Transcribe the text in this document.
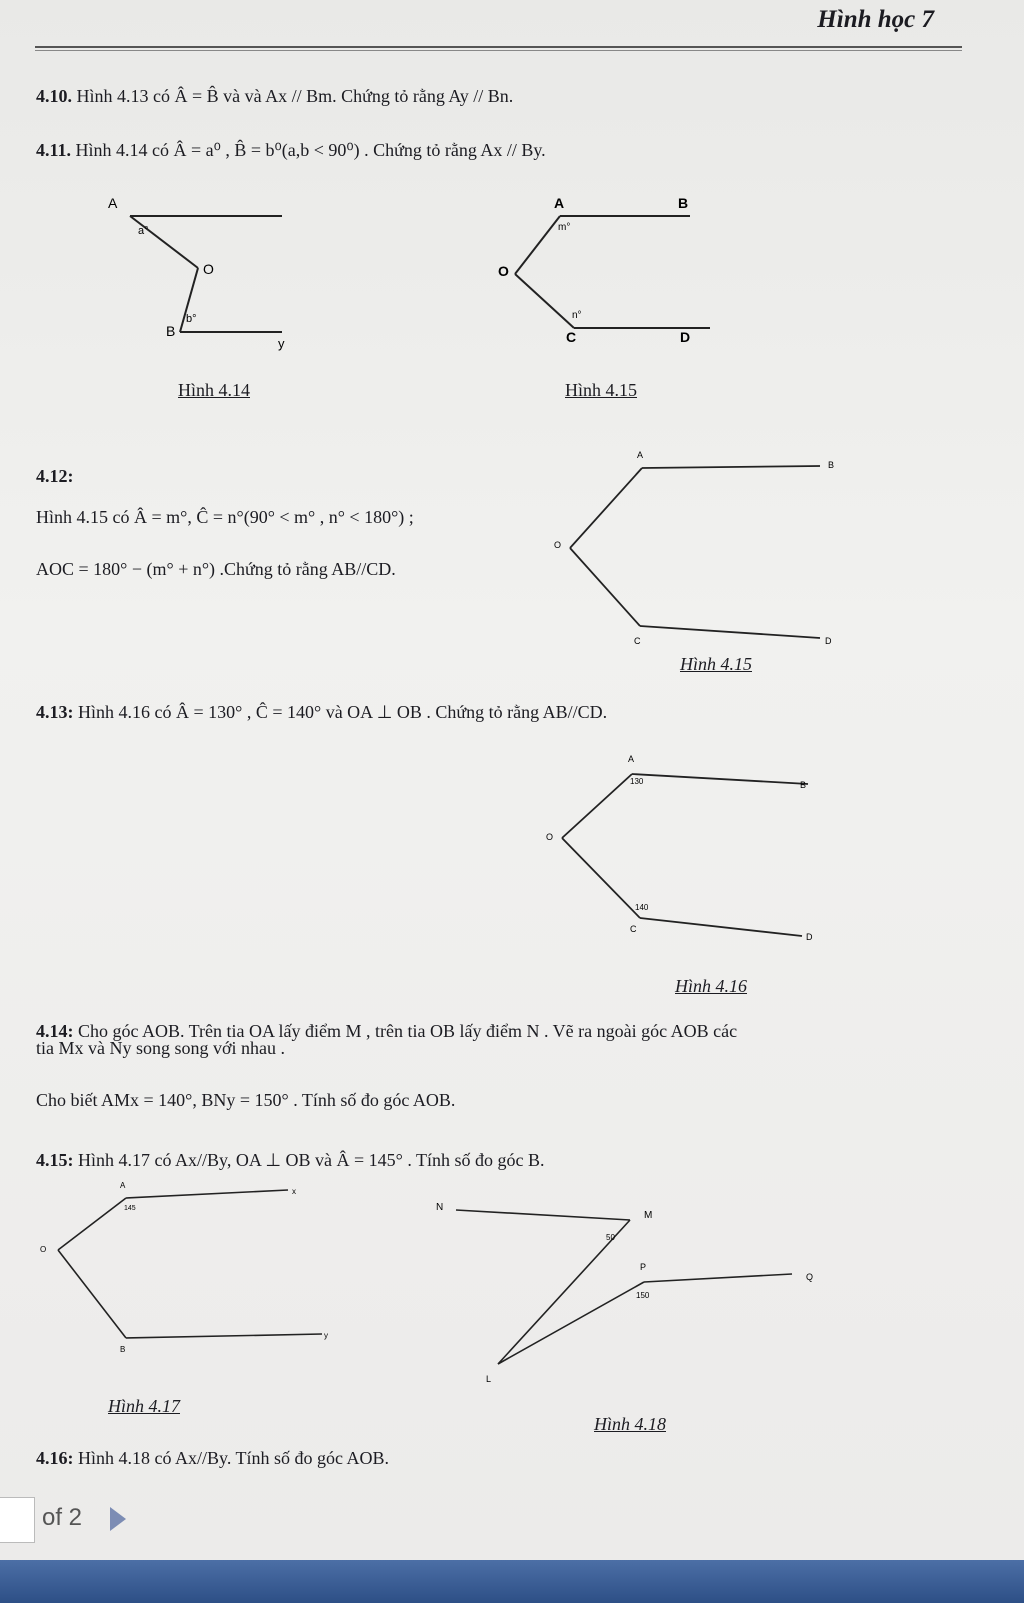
Hình học 7
4.10. Hình 4.13 có Â = B̂ và và Ax // Bm. Chứng tỏ rằng Ay // Bn.
4.11. Hình 4.14 có Â = a⁰ , B̂ = b⁰(a,b < 90⁰) . Chứng tỏ rằng Ax // By.
A
a°
O
B
b°
y
Hình 4.14
A	B
m°
O
n°
C	D
Hình 4.15
4.12:
Hình 4.15 có Â = m°, Ĉ = n°(90° < m° , n° < 180°) ;
AOC = 180° − (m° + n°) .Chứng tỏ rằng AB//CD.
A
B
O
C	D
Hình 4.15
4.13: Hình 4.16 có Â = 130° , Ĉ = 140° và OA ⊥ OB . Chứng tỏ rằng AB//CD.
A
130	B
O
140
C
D
Hình 4.16
4.14: Cho góc AOB. Trên tia OA lấy điểm M , trên tia OB lấy điểm N . Vẽ ra ngoài góc AOB các
tia Mx và Ny song song với nhau .
Cho biết AMx = 140°, BNy = 150° . Tính số đo góc AOB.
4.15: Hình 4.17 có Ax//By, OA ⊥ OB và Â = 145° . Tính số đo góc B.
A
145
x
O
B
y
Hình 4.17
N
M
50
P
150
Q
L
Hình 4.18
4.16: Hình 4.18 có Ax//By. Tính số đo góc AOB.
of 2
